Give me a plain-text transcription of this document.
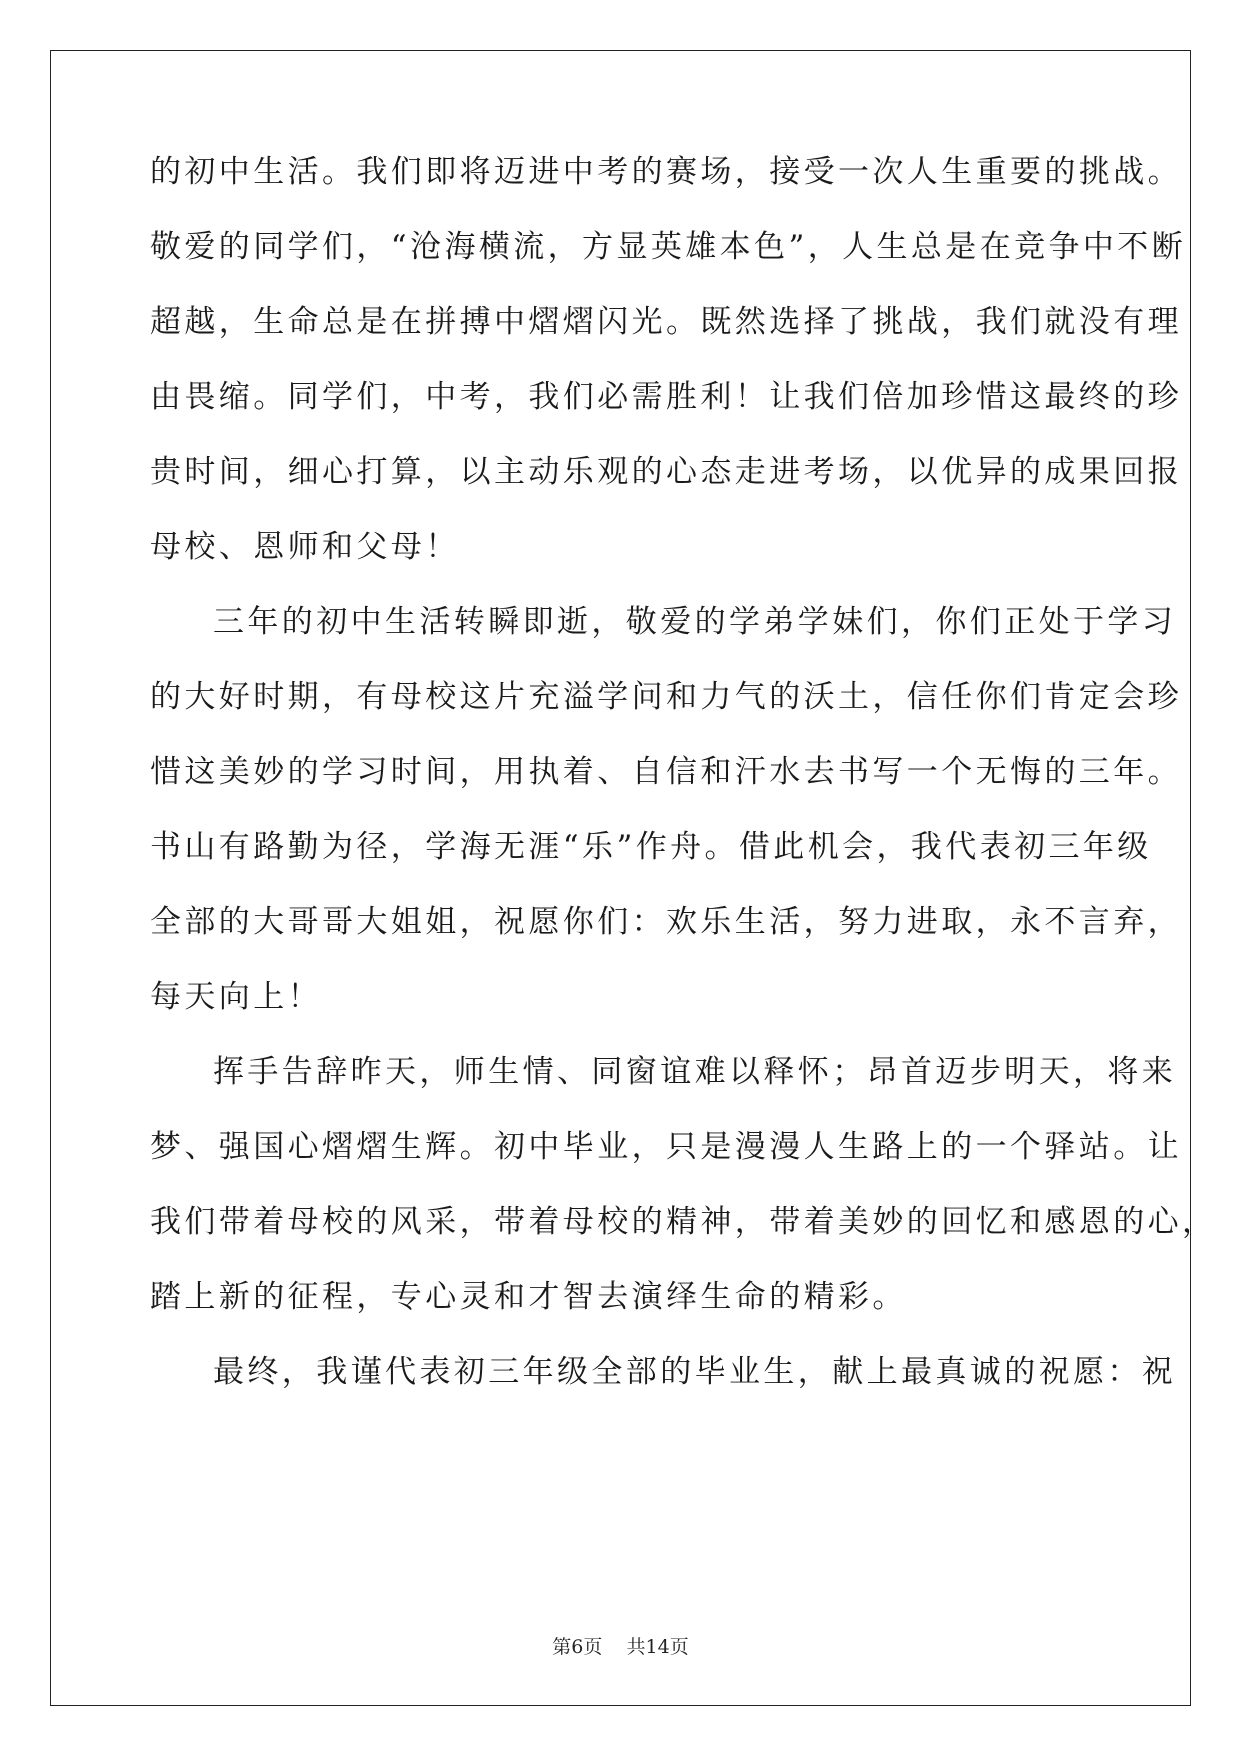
的初中生活。我们即将迈进中考的赛场，接受一次人生重要的挑战。
敬爱的同学们，“沧海横流，方显英雄本色”，人生总是在竞争中不断
超越，生命总是在拼搏中熠熠闪光。既然选择了挑战，我们就没有理
由畏缩。同学们，中考，我们必需胜利！让我们倍加珍惜这最终的珍
贵时间，细心打算，以主动乐观的心态走进考场，以优异的成果回报
母校、恩师和父母！
三年的初中生活转瞬即逝，敬爱的学弟学妹们，你们正处于学习
的大好时期，有母校这片充溢学问和力气的沃土，信任你们肯定会珍
惜这美妙的学习时间，用执着、自信和汗水去书写一个无悔的三年。
书山有路勤为径，学海无涯“乐”作舟。借此机会，我代表初三年级
全部的大哥哥大姐姐，祝愿你们：欢乐生活，努力进取，永不言弃，
每天向上！
挥手告辞昨天，师生情、同窗谊难以释怀；昂首迈步明天，将来
梦、强国心熠熠生辉。初中毕业，只是漫漫人生路上的一个驿站。让
我们带着母校的风采，带着母校的精神，带着美妙的回忆和感恩的心，
踏上新的征程，专心灵和才智去演绎生命的精彩。
最终，我谨代表初三年级全部的毕业生，献上最真诚的祝愿：祝
第6页    共14页
